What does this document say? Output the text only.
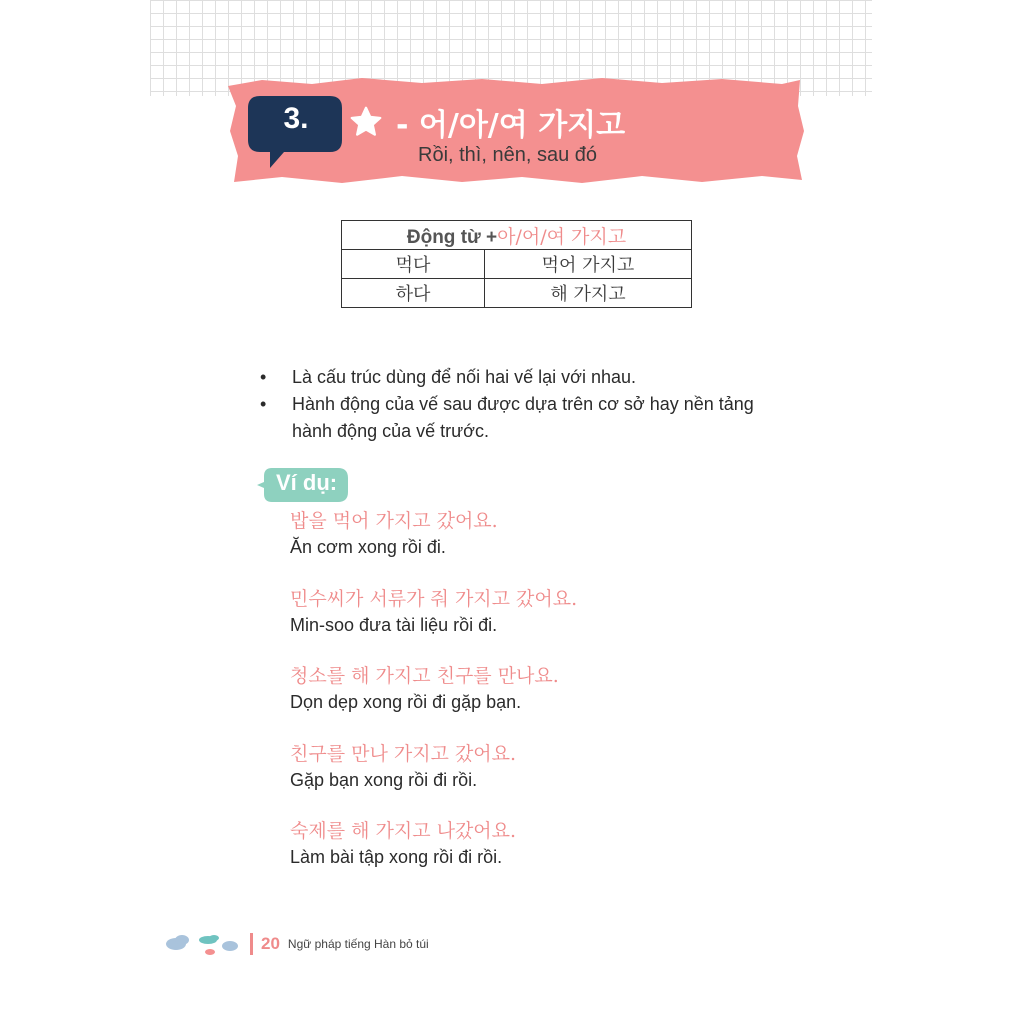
3.	- 어/아/여 가지고
Rồi, thì, nên, sau đó
Động từ +아/어/여 가지고	
먹다	먹어 가지고
하다	해 가지고
• Là cấu trúc dùng để nối hai vế lại với nhau.
• Hành động của vế sau được dựa trên cơ sở hay nền tảng hành động của vế trước.
Ví dụ:
밥을 먹어 가지고 갔어요.
Ăn cơm xong rồi đi.
민수씨가 서류가 줘 가지고 갔어요.
Min-soo đưa tài liệu rồi đi.
청소를 해 가지고 친구를 만나요.
Dọn dẹp xong rồi đi gặp bạn.
친구를 만나 가지고 갔어요.
Gặp bạn xong rồi đi rồi.
숙제를 해 가지고 나갔어요.
Làm bài tập xong rồi đi rồi.
20 Ngữ pháp tiếng Hàn bỏ túi
